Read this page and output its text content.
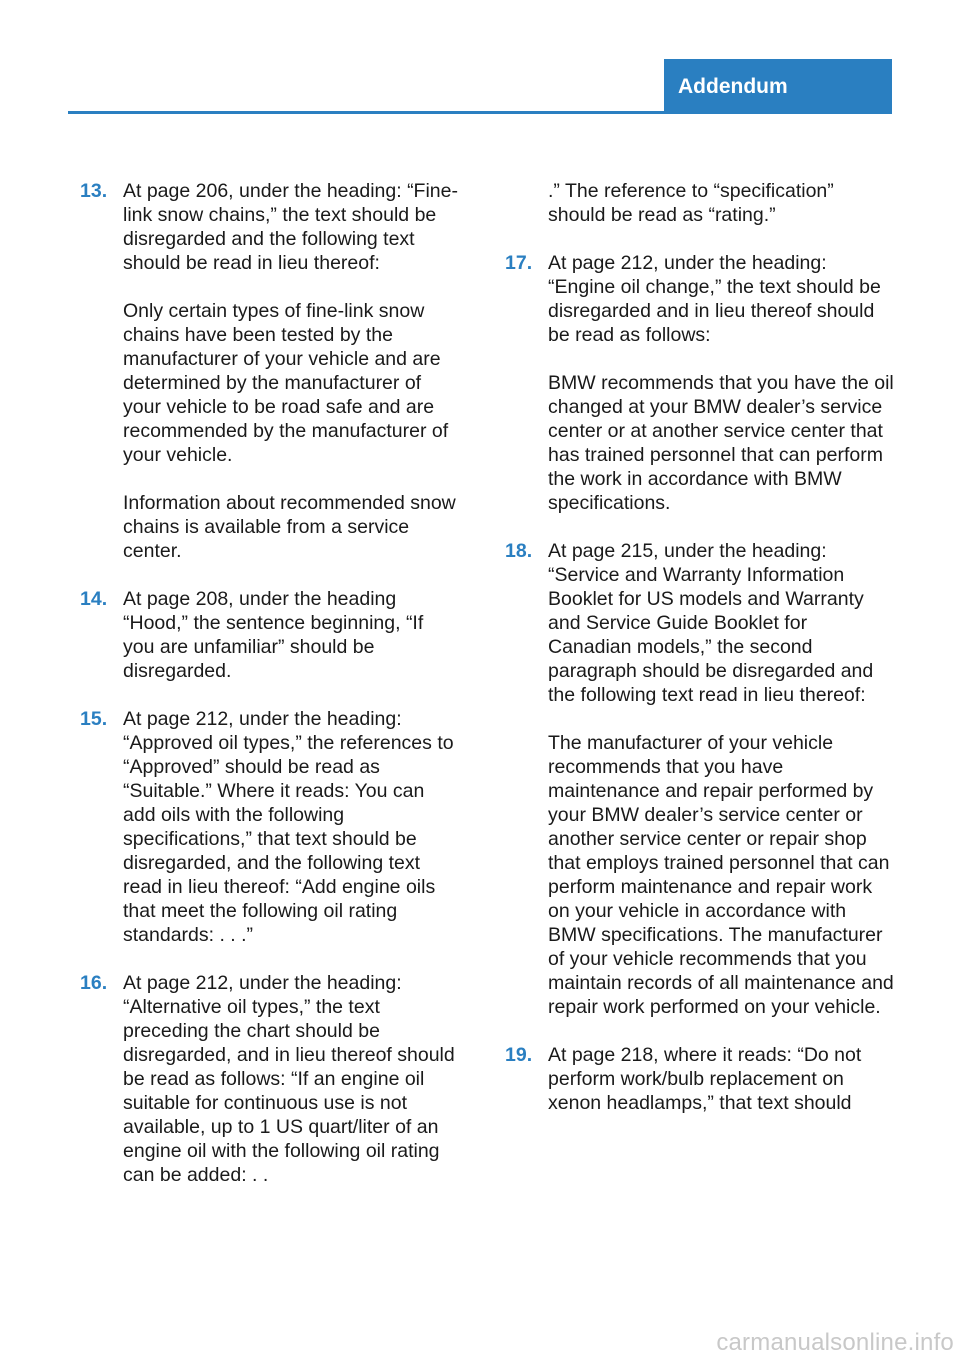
Addendum
13. At page 206, under the heading: “Fine-link snow chains,” the text should be disregarded and the following text should be read in lieu thereof:

Only certain types of fine-link snow chains have been tested by the manufacturer of your vehicle and are determined by the manufacturer of your vehicle to be road safe and are recommended by the manufacturer of your vehicle.

Information about recommended snow chains is available from a service center.

14. At page 208, under the heading “Hood,” the sentence beginning, “If you are unfamiliar” should be disregarded.

15. At page 212, under the heading: “Approved oil types,” the references to “Approved” should be read as “Suitable.” Where it reads: You can add oils with the following specifications,” that text should be disregarded, and the following text read in lieu thereof: “Add engine oils that meet the following oil rating standards: . . .”

16. At page 212, under the heading: “Alternative oil types,” the text preceding the chart should be disregarded, and in lieu thereof should be read as follows: “If an engine oil suitable for continuous use is not available, up to 1 US quart/liter of an engine oil with the following oil rating can be added: . .

.” The reference to “specification” should be read as “rating.”

17. At page 212, under the heading: “Engine oil change,” the text should be disregarded and in lieu thereof should be read as follows:

BMW recommends that you have the oil changed at your BMW dealer’s service center or at another service center that has trained personnel that can perform the work in accordance with BMW specifications.

18. At page 215, under the heading: “Service and Warranty Information Booklet for US models and Warranty and Service Guide Booklet for Canadian models,” the second paragraph should be disregarded and the following text read in lieu thereof:

The manufacturer of your vehicle recommends that you have maintenance and repair performed by your BMW dealer’s service center or another service center or repair shop that employs trained personnel that can perform maintenance and repair work on your vehicle in accordance with BMW specifications. The manufacturer of your vehicle recommends that you maintain records of all maintenance and repair work performed on your vehicle.

19. At page 218, where it reads: “Do not perform work/bulb replacement on xenon headlamps,” that text should

carmanualsonline.info
